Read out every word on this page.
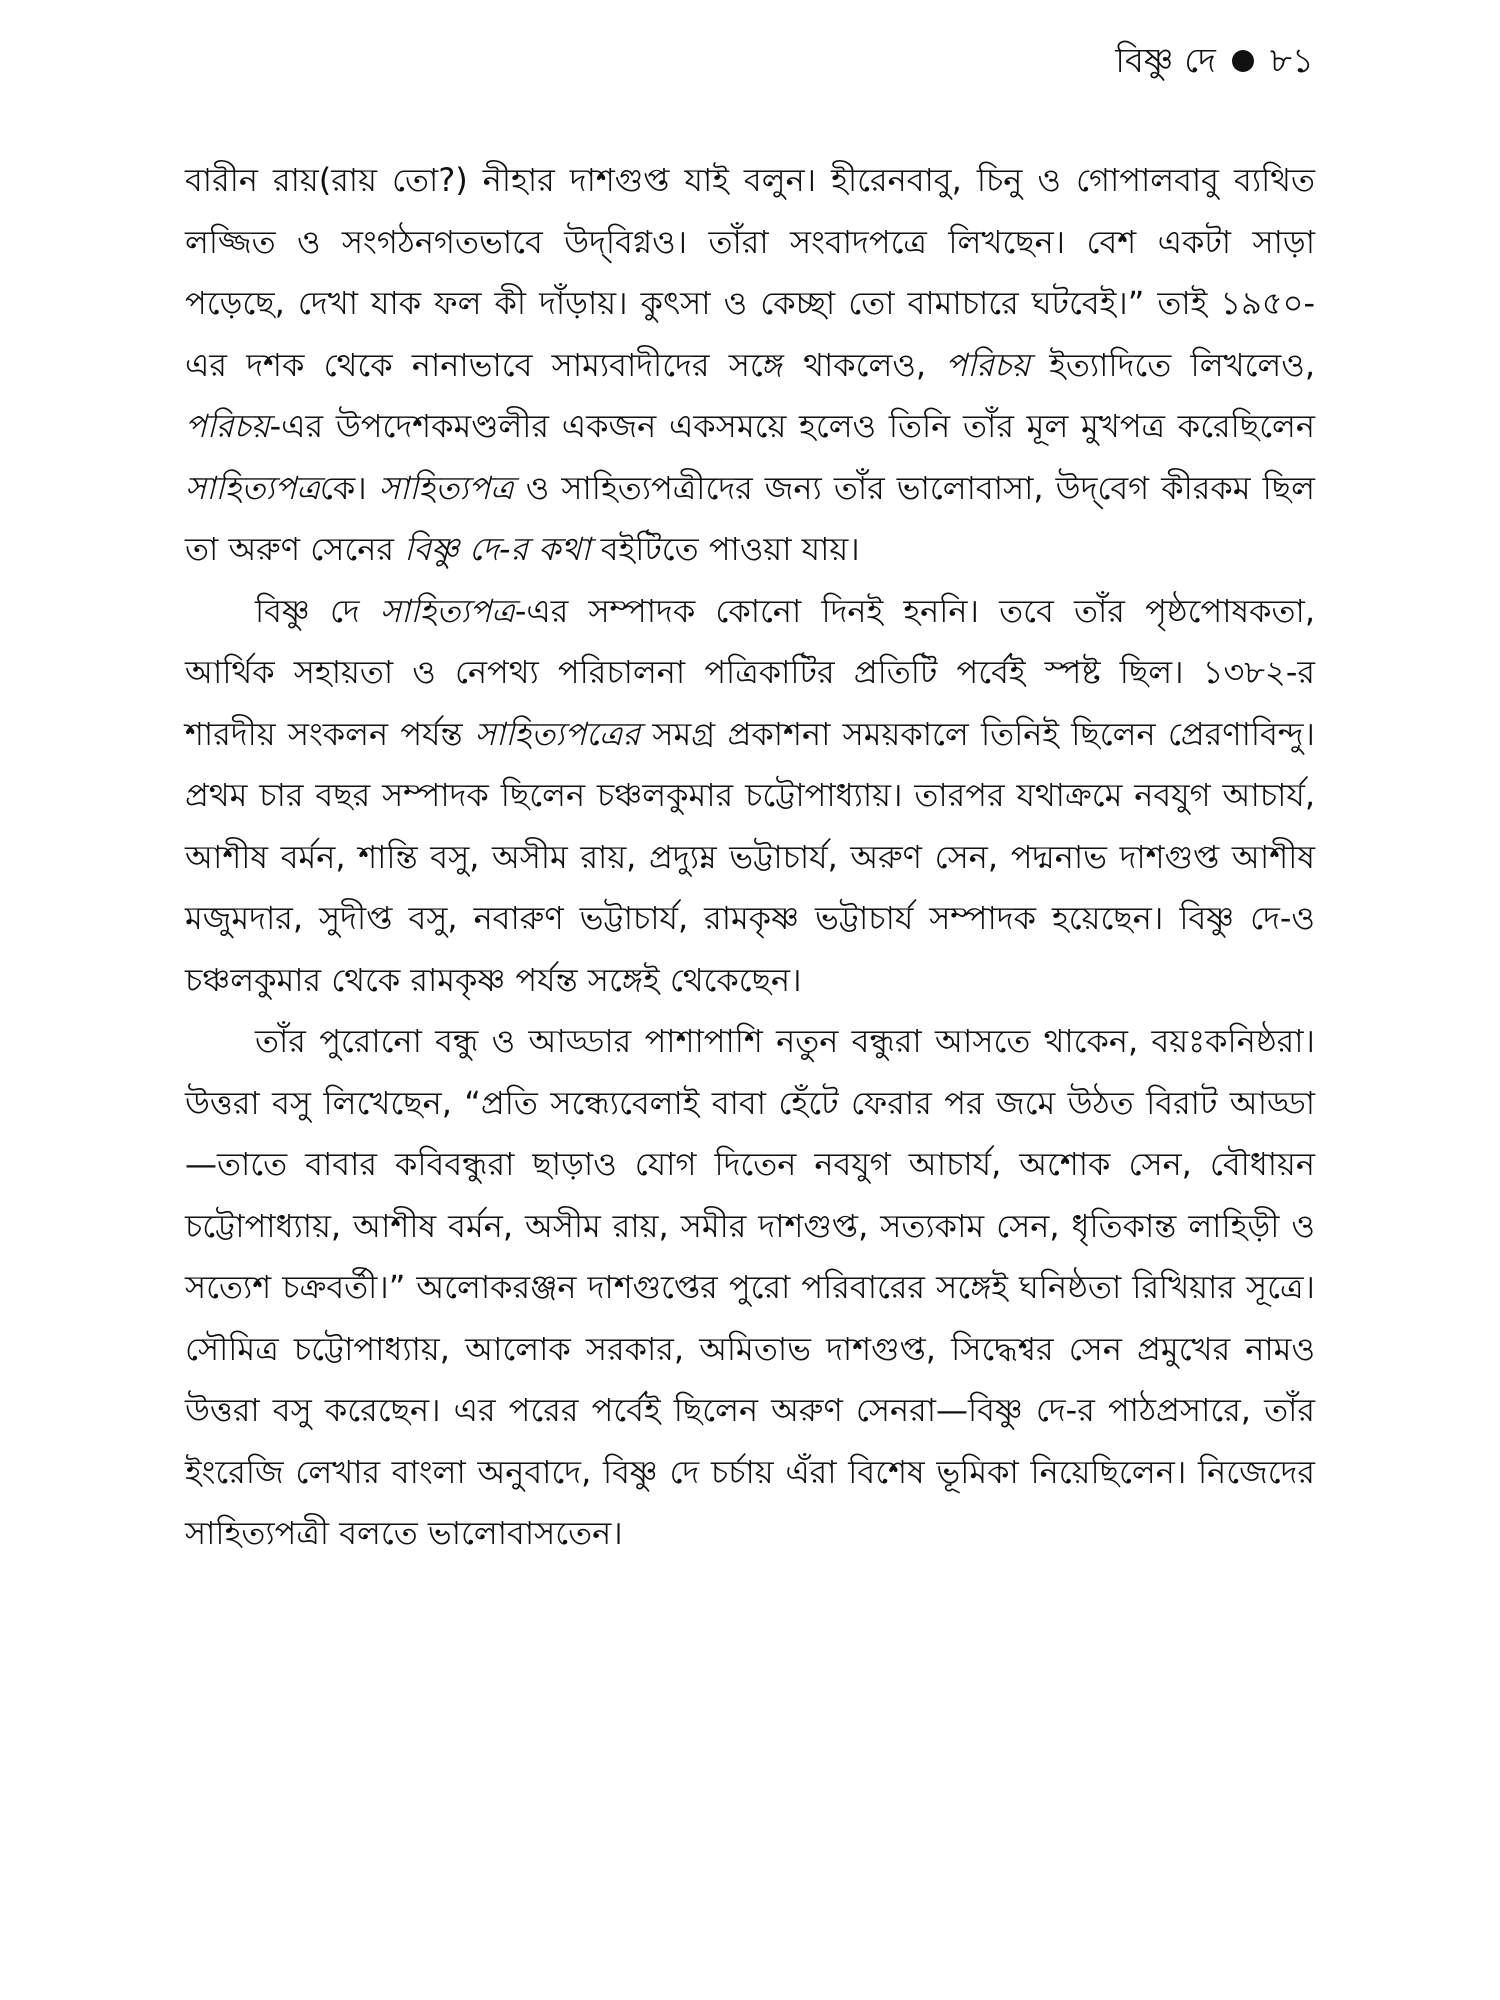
বিষ্ণু দে ৮১

বারীন রায়(রায় তো?) নীহার দাশগুপ্ত যাই বলুন। হীরেনবাবু, চিনু ও গোপালবাবু ব্যথিত লজ্জিত ও সংগঠনগতভাবে উদ্‌বিগ্নও। তাঁরা সংবাদপত্রে লিখছেন। বেশ একটা সাড়া পড়েছে, দেখা যাক ফল কী দাঁড়ায়। কুৎসা ও কেচ্ছা তো বামাচারে ঘটবেই।” তাই ১৯৫০-এর দশক থেকে নানাভাবে সাম্যবাদীদের সঙ্গে থাকলেও, পরিচয় ইত্যাদিতে লিখলেও, পরিচয়-এর উপদেশকমণ্ডলীর একজন একসময়ে হলেও তিনি তাঁর মূল মুখপত্র করেছিলেন সাহিত্যপত্রকে। সাহিত্যপত্র ও সাহিত্যপত্রীদের জন্য তাঁর ভালোবাসা, উদ্‌বেগ কীরকম ছিল তা অরুণ সেনের বিষ্ণু দে-র কথা বইটিতে পাওয়া যায়।

বিষ্ণু দে সাহিত্যপত্র-এর সম্পাদক কোনো দিনই হননি। তবে তাঁর পৃষ্ঠপোষকতা, আর্থিক সহায়তা ও নেপথ্য পরিচালনা পত্রিকাটির প্রতিটি পর্বেই স্পষ্ট ছিল। ১৩৮২-র শারদীয় সংকলন পর্যন্ত সাহিত্যপত্রের সমগ্র প্রকাশনা সময়কালে তিনিই ছিলেন প্রেরণাবিন্দু। প্রথম চার বছর সম্পাদক ছিলেন চঞ্চলকুমার চট্টোপাধ্যায়। তারপর যথাক্রমে নবযুগ আচার্য, আশীষ বর্মন, শান্তি বসু, অসীম রায়, প্রদ্যুম্ন ভট্টাচার্য, অরুণ সেন, পদ্মনাভ দাশগুপ্ত আশীষ মজুমদার, সুদীপ্ত বসু, নবারুণ ভট্টাচার্য, রামকৃষ্ণ ভট্টাচার্য সম্পাদক হয়েছেন। বিষ্ণু দে-ও চঞ্চলকুমার থেকে রামকৃষ্ণ পর্যন্ত সঙ্গেই থেকেছেন।

তাঁর পুরোনো বন্ধু ও আড্ডার পাশাপাশি নতুন বন্ধুরা আসতে থাকেন, বয়ঃকনিষ্ঠরা। উত্তরা বসু লিখেছেন, “প্রতি সন্ধ্যেবেলাই বাবা হেঁটে ফেরার পর জমে উঠত বিরাট আড্ডা—তাতে বাবার কবিবন্ধুরা ছাড়াও যোগ দিতেন নবযুগ আচার্য, অশোক সেন, বৌধায়ন চট্টোপাধ্যায়, আশীষ বর্মন, অসীম রায়, সমীর দাশগুপ্ত, সত্যকাম সেন, ধৃতিকান্ত লাহিড়ী ও সত্যেশ চক্রবর্তী।” অলোকরঞ্জন দাশগুপ্তের পুরো পরিবারের সঙ্গেই ঘনিষ্ঠতা রিখিয়ার সূত্রে। সৌমিত্র চট্টোপাধ্যায়, আলোক সরকার, অমিতাভ দাশগুপ্ত, সিদ্ধেশ্বর সেন প্রমুখের নামও উত্তরা বসু করেছেন। এর পরের পর্বেই ছিলেন অরুণ সেনরা—বিষ্ণু দে-র পাঠপ্রসারে, তাঁর ইংরেজি লেখার বাংলা অনুবাদে, বিষ্ণু দে চর্চায় এঁরা বিশেষ ভূমিকা নিয়েছিলেন। নিজেদের সাহিত্যপত্রী বলতে ভালোবাসতেন।
